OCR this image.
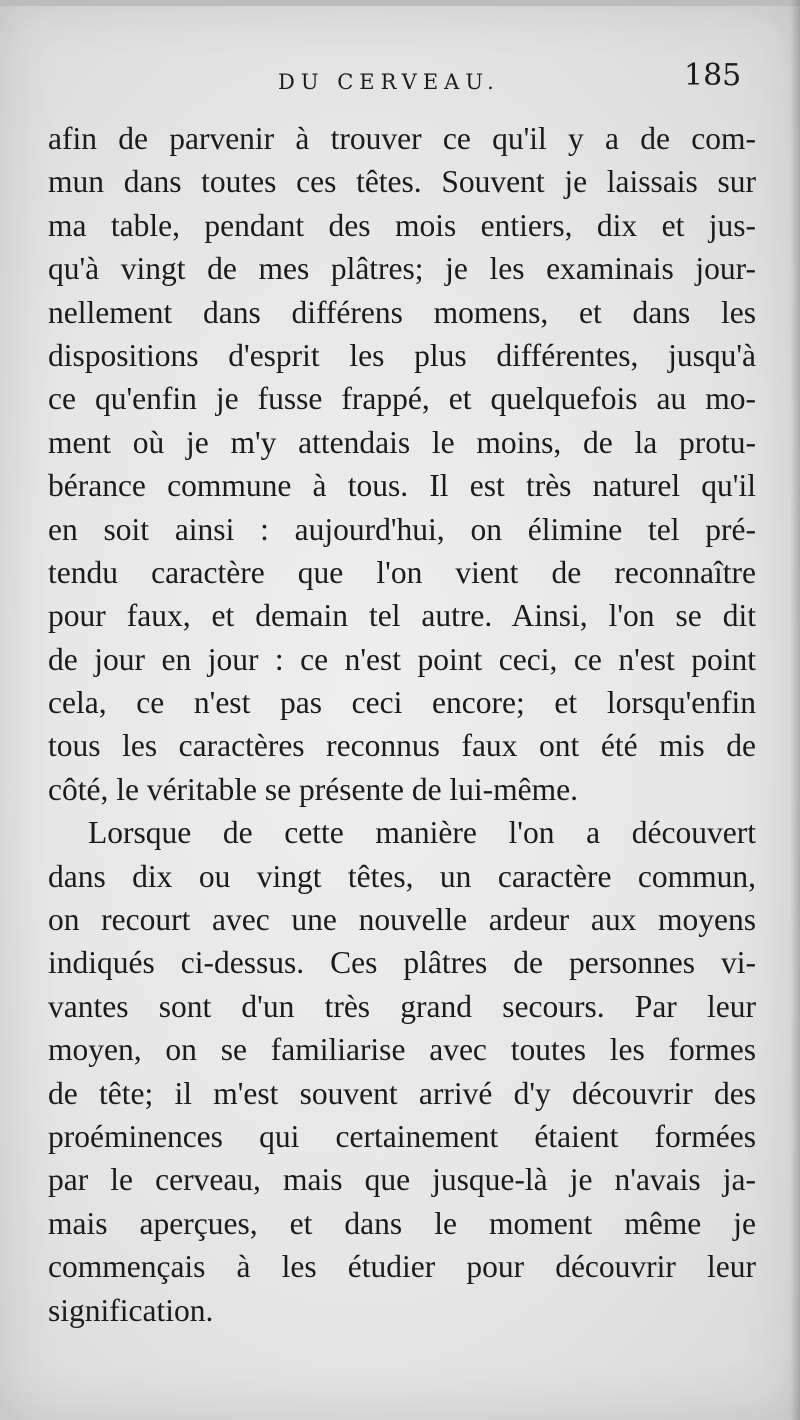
DU CERVEAU.	185
afin de parvenir à trouver ce qu'il y a de com-
mun dans toutes ces têtes. Souvent je laissais sur
ma table, pendant des mois entiers, dix et jus-
qu'à vingt de mes plâtres; je les examinais jour-
nellement dans différens momens, et dans les
dispositions d'esprit les plus différentes, jusqu'à
ce qu'enfin je fusse frappé, et quelquefois au mo-
ment où je m'y attendais le moins, de la protu-
bérance commune à tous. Il est très naturel qu'il
en soit ainsi : aujourd'hui, on élimine tel pré-
tendu caractère que l'on vient de reconnaître
pour faux, et demain tel autre. Ainsi, l'on se dit
de jour en jour : ce n'est point ceci, ce n'est point
cela, ce n'est pas ceci encore; et lorsqu'enfin
tous les caractères reconnus faux ont été mis de
côté, le véritable se présente de lui-même.
Lorsque de cette manière l'on a découvert
dans dix ou vingt têtes, un caractère commun,
on recourt avec une nouvelle ardeur aux moyens
indiqués ci-dessus. Ces plâtres de personnes vi-
vantes sont d'un très grand secours. Par leur
moyen, on se familiarise avec toutes les formes
de tête; il m'est souvent arrivé d'y découvrir des
proéminences qui certainement étaient formées
par le cerveau, mais que jusque-là je n'avais ja-
mais aperçues, et dans le moment même je
commençais à les étudier pour découvrir leur
signification.
